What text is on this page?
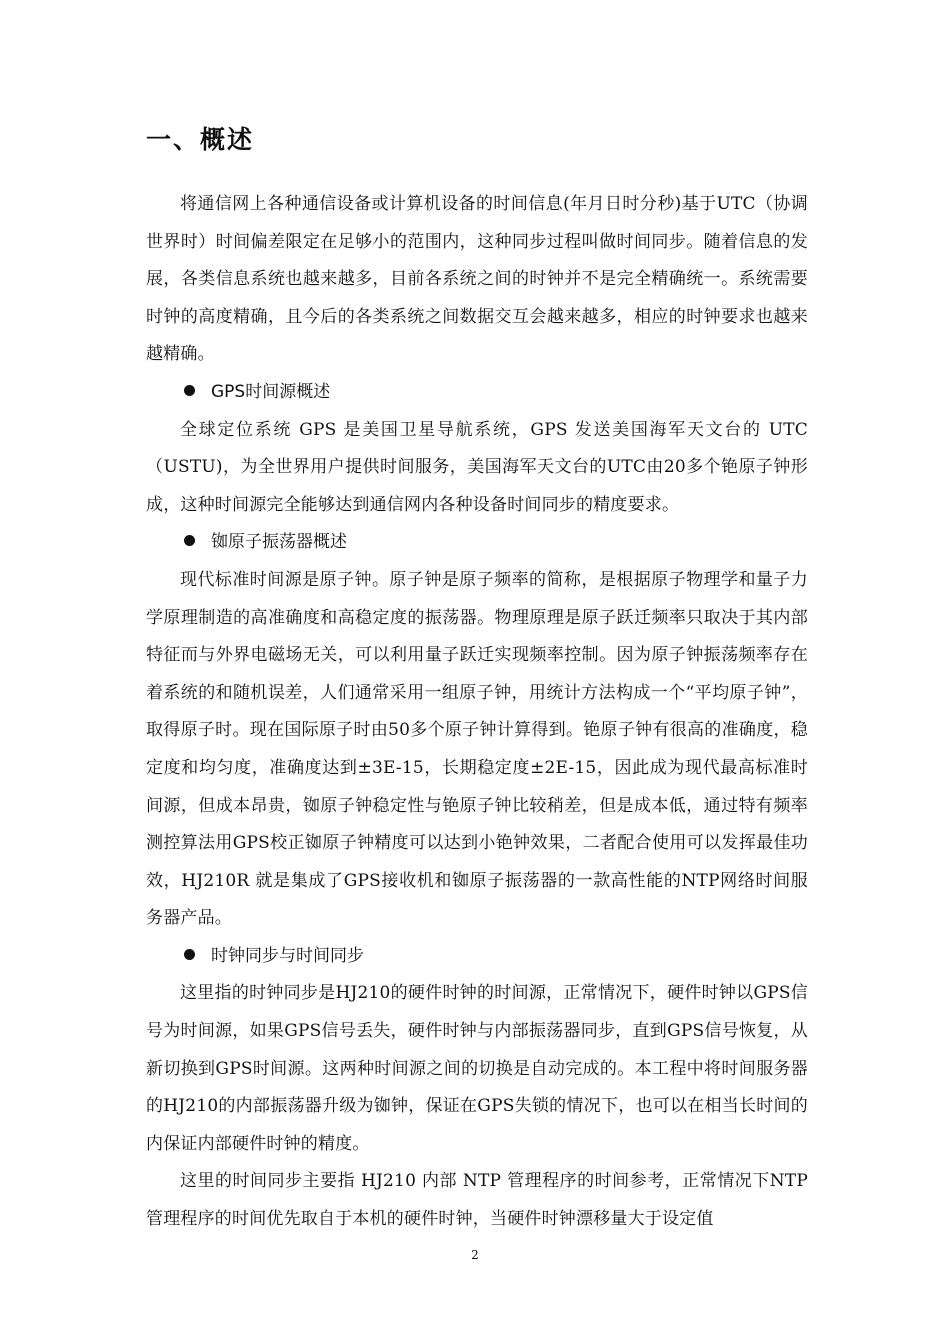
一、概述

将通信网上各种通信设备或计算机设备的时间信息(年月日时分秒)基于UTC（协调世界时）时间偏差限定在足够小的范围内，这种同步过程叫做时间同步。随着信息的发展，各类信息系统也越来越多，目前各系统之间的时钟并不是完全精确统一。系统需要时钟的高度精确，且今后的各类系统之间数据交互会越来越多，相应的时钟要求也越来越精确。

GPS时间源概述

全球定位系统 GPS 是美国卫星导航系统，GPS 发送美国海军天文台的 UTC（USTU)，为全世界用户提供时间服务，美国海军天文台的UTC由20多个铯原子钟形成，这种时间源完全能够达到通信网内各种设备时间同步的精度要求。

铷原子振荡器概述

现代标准时间源是原子钟。原子钟是原子频率的简称，是根据原子物理学和量子力学原理制造的高准确度和高稳定度的振荡器。物理原理是原子跃迁频率只取决于其内部特征而与外界电磁场无关，可以利用量子跃迁实现频率控制。因为原子钟振荡频率存在着系统的和随机误差，人们通常采用一组原子钟，用统计方法构成一个“平均原子钟”，取得原子时。现在国际原子时由50多个原子钟计算得到。铯原子钟有很高的准确度，稳定度和均匀度，准确度达到±3E-15，长期稳定度±2E-15，因此成为现代最高标准时间源，但成本昂贵，铷原子钟稳定性与铯原子钟比较稍差，但是成本低，通过特有频率测控算法用GPS校正铷原子钟精度可以达到小铯钟效果，二者配合使用可以发挥最佳功效，HJ210R 就是集成了GPS接收机和铷原子振荡器的一款高性能的NTP网络时间服务器产品。

时钟同步与时间同步

这里指的时钟同步是HJ210的硬件时钟的时间源，正常情况下，硬件时钟以GPS信号为时间源，如果GPS信号丢失，硬件时钟与内部振荡器同步，直到GPS信号恢复，从新切换到GPS时间源。这两种时间源之间的切换是自动完成的。本工程中将时间服务器的HJ210的内部振荡器升级为铷钟，保证在GPS失锁的情况下，也可以在相当长时间的内保证内部硬件时钟的精度。

这里的时间同步主要指 HJ210 内部 NTP 管理程序的时间参考，正常情况下NTP管理程序的时间优先取自于本机的硬件时钟，当硬件时钟漂移量大于设定值

2
